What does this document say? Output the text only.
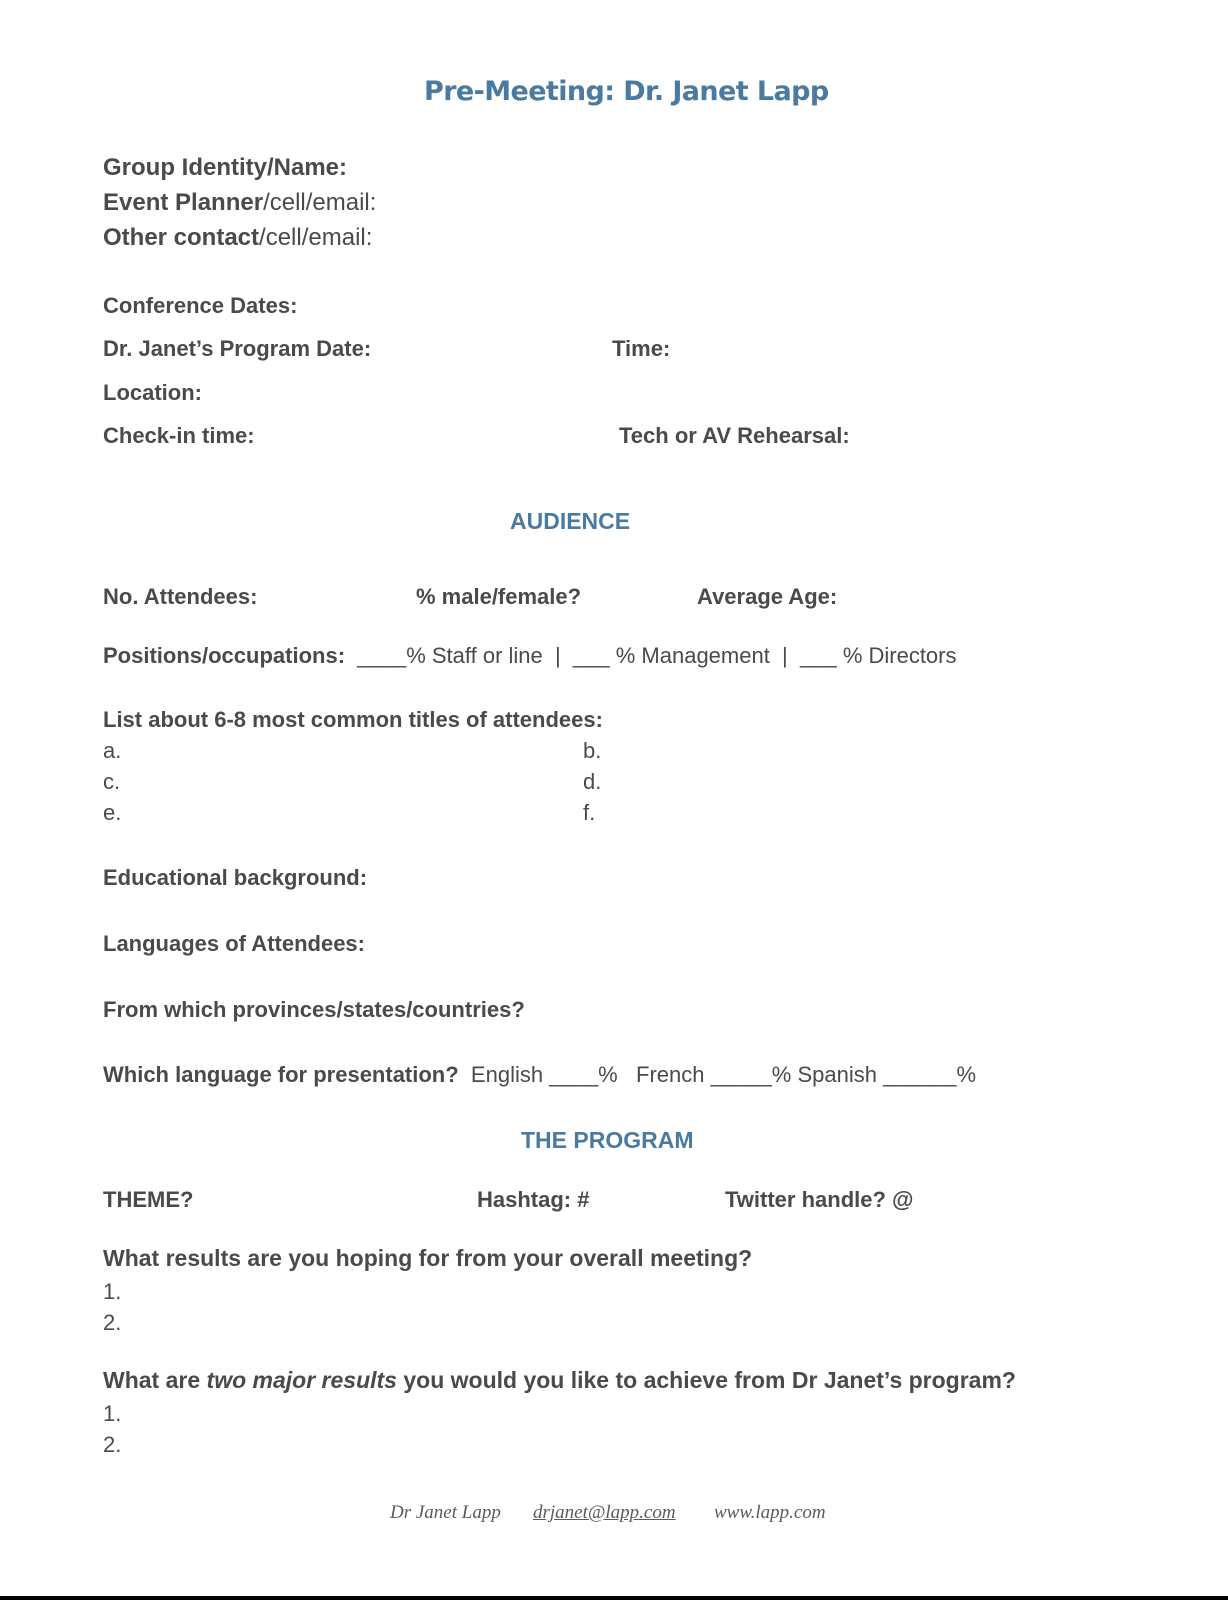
Pre-Meeting: Dr. Janet Lapp
Group Identity/Name:
Event Planner/cell/email:
Other contact/cell/email:
Conference Dates:
Dr. Janet’s Program Date:	Time:
Location:
Check-in time:	Tech or AV Rehearsal:
AUDIENCE
No. Attendees:	% male/female?	Average Age:
Positions/occupations: ____% Staff or line  |  ___ % Management  |  ___ % Directors
List about 6-8 most common titles of attendees:
a.	b.
c.	d.
e.	f.
Educational background:
Languages of Attendees:
From which provinces/states/countries?
Which language for presentation? English ____%   French _____% Spanish ______%
THE PROGRAM
THEME?	Hashtag: #	Twitter handle? @
What results are you hoping for from your overall meeting?
1.
2.
What are two major results you would you like to achieve from Dr Janet’s program?
1.
2.
Dr Janet Lapp drjanet@lapp.com www.lapp.com
